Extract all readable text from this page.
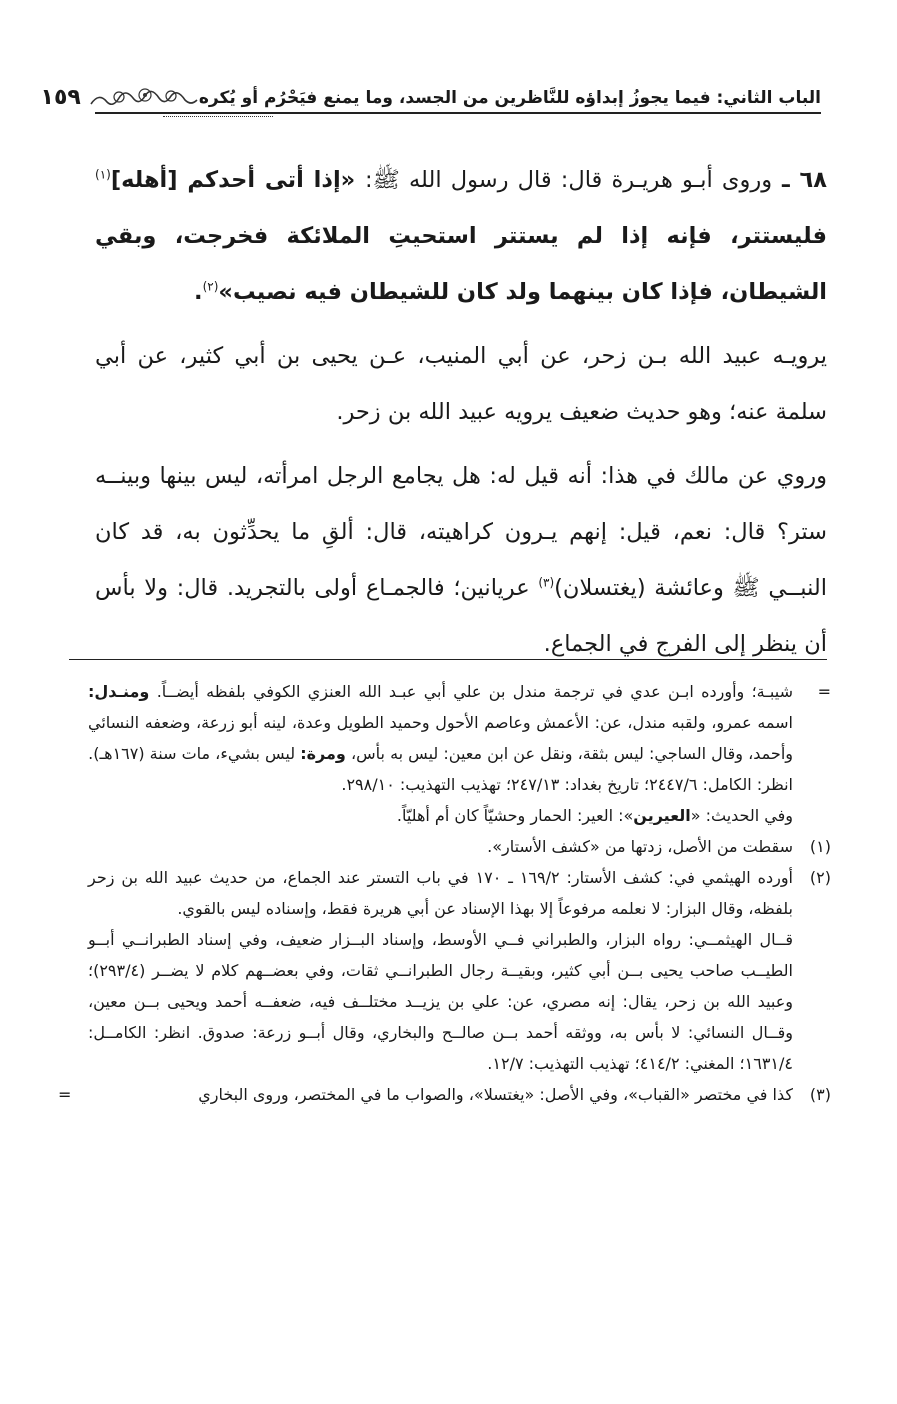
الباب الثاني: فيما يجوزُ إبداؤه للنَّاظرين من الجسد، وما يمنع فيَحْرُم أو يُكره
١٥٩

٦٨ ـ وروى أبـو هريـرة قال: قال رسول الله ﷺ: «إذا أتى أحدكم [أهله]$^{(١)}$ فليستتر، فإنه إذا لم يستتر استحيتِ الملائكة فخرجت، وبقي الشيطان، فإذا كان بينهما ولد كان للشيطان فيه نصيب»$^{(٢)}$.

يرويـه عبيد الله بـن زحر، عن أبي المنيب، عـن يحيى بن أبي كثير، عن أبي سلمة عنه؛ وهو حديث ضعيف يرويه عبيد الله بن زحر.

وروي عن مالك في هذا: أنه قيل له: هل يجامع الرجل امرأته، ليس بينها وبينــه ستر؟ قال: نعم، قيل: إنهم يـرون كراهيته، قال: ألقِ ما يحدِّثون به، قد كان النبــي ﷺ وعائشة (يغتسلان)$^{(٣)}$ عريانين؛ فالجمـاع أولى بالتجريد. قال: ولا بأس أن ينظر إلى الفرج في الجماع.

=
شيبـة؛ وأورده ابـن عدي في ترجمة مندل بن علي أبي عبـد الله العنزي الكوفي بلفظه أيضــاً. ومنـدل: اسمه عمرو، ولقبه مندل، عن: الأعمش وعاصم الأحول وحميد الطويل وعدة، لينه أبو زرعة، وضعفه النسائي وأحمد، وقال الساجي: ليس بثقة، ونقل عن ابن معين: ليس به بأس، ومرة: ليس بشيء، مات سنة (١٦٧هـ).

انظر: الكامل: ٢٤٤٧/٦؛ تاريخ بغداد: ٢٤٧/١٣؛ تهذيب التهذيب: ٢٩٨/١٠.

وفي الحديث: «العيرين»: العير: الحمار وحشيّاً كان أم أهليّاً.

(١)
سقطت من الأصل، زدتها من «كشف الأستار».

(٢)
أورده الهيثمي في: كشف الأستار: ١٦٩/٢ ـ ١٧٠ في باب التستر عند الجماع، من حديث عبيد الله بن زحر بلفظه، وقال البزار: لا نعلمه مرفوعاً إلا بهذا الإسناد عن أبي هريرة فقط، وإسناده ليس بالقوي.

قــال الهيثمــي: رواه البزار، والطبراني فــي الأوسط، وإسناد البــزار ضعيف، وفي إسناد الطبرانــي أبــو الطيــب صاحب يحيى بــن أبي كثير، وبقيــة رجال الطبرانــي ثقات، وفي بعضــهم كلام لا يضــر (٢٩٣/٤)؛ وعبيد الله بن زحر، يقال: إنه مصري، عن: علي بن يزيــد مختلــف فيه، ضعفــه أحمد ويحيى بــن معين، وقــال النسائي: لا بأس به، ووثقه أحمد بــن صالــح والبخاري، وقال أبــو زرعة: صدوق. انظر: الكامــل: ١٦٣١/٤؛ المغني: ٤١٤/٢؛ تهذيب التهذيب: ١٢/٧.

(٣)
كذا في مختصر «القباب»، وفي الأصل: «يغتسلا»، والصواب ما في المختصر، وروى البخاري
=
